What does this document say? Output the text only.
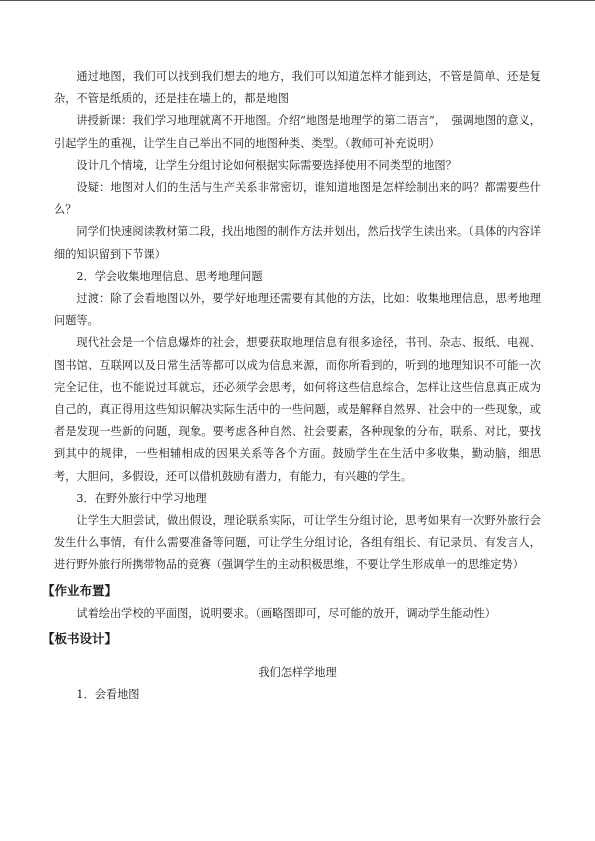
通过地图，我们可以找到我们想去的地方，我们可以知道怎样才能到达，不管是简单、还是复杂，不管是纸质的，还是挂在墙上的，都是地图

讲授新课：我们学习地理就离不开地图。介绍“地图是地理学的第二语言”，　强调地图的意义，引起学生的重视，让学生自己举出不同的地图种类、类型。（教师可补充说明）

设计几个情境，让学生分组讨论如何根据实际需要选择使用不同类型的地图？

设疑：地图对人们的生活与生产关系非常密切，谁知道地图是怎样绘制出来的吗？都需要些什么？

同学们快速阅读教材第二段，找出地图的制作方法并划出，然后找学生读出来。（具体的内容详细的知识留到下节课）

2．学会收集地理信息、思考地理问题

过渡：除了会看地图以外，要学好地理还需要有其他的方法，比如：收集地理信息，思考地理问题等。

现代社会是一个信息爆炸的社会，想要获取地理信息有很多途径，书刊、杂志、报纸、电视、图书馆、互联网以及日常生活等都可以成为信息来源，而你所看到的，听到的地理知识不可能一次完全记住，也不能说过耳就忘，还必须学会思考，如何将这些信息综合，怎样让这些信息真正成为自己的，真正得用这些知识解决实际生活中的一些问题，或是解释自然界、社会中的一些现象，或者是发现一些新的问题，现象。要考虑各种自然、社会要素，各种现象的分布，联系、对比，要找到其中的规律，一些相辅相成的因果关系等各个方面。鼓励学生在生活中多收集，勤动脑，细思考，大胆问，多假设，还可以借机鼓励有潜力，有能力，有兴趣的学生。

3．在野外旅行中学习地理

让学生大胆尝试，做出假设，理论联系实际，可让学生分组讨论，思考如果有一次野外旅行会发生什么事情，有什么需要准备等问题，可让学生分组讨论，各组有组长、有记录员、有发言人，进行野外旅行所携带物品的竞赛（强调学生的主动积极思维，不要让学生形成单一的思维定势）

【作业布置】

试着绘出学校的平面图，说明要求。（画略图即可，尽可能的放开，调动学生能动性）

【板书设计】

我们怎样学地理

1．会看地图
